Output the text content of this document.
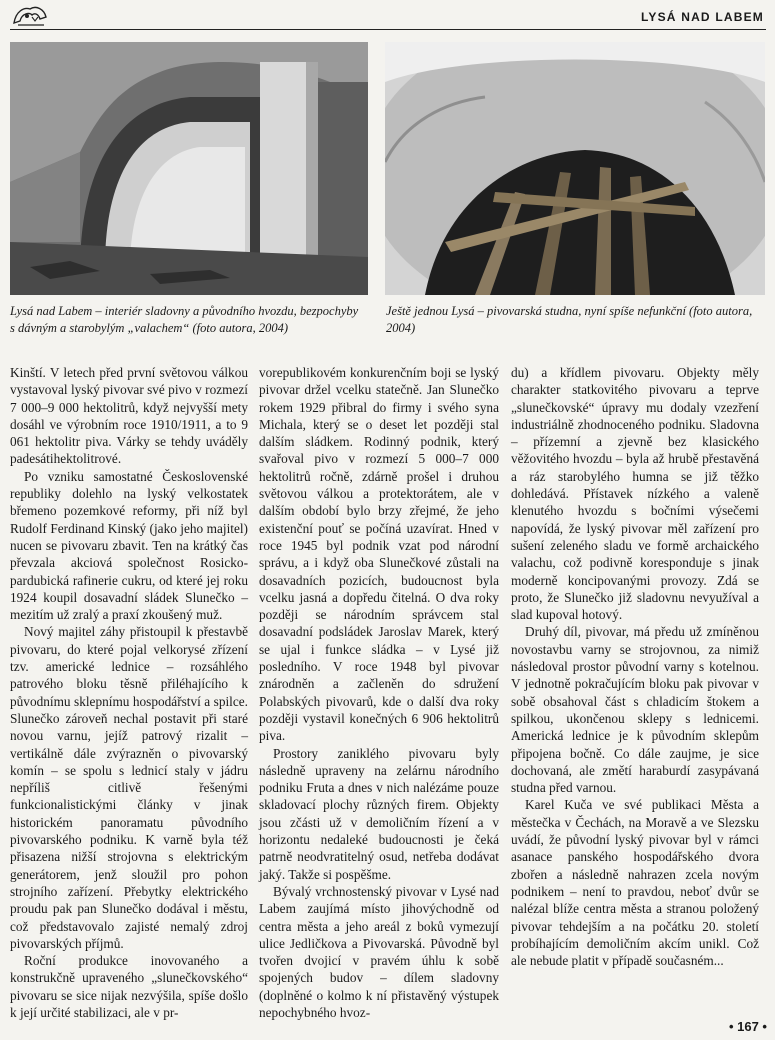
LYSÁ NAD LABEM
Lysá nad Labem – interiér sladovny a původního hvozdu, bezpochyby s dávným a starobylým „valachem“ (foto autora, 2004)
Ještě jednou Lysá – pivovarská studna, nyní spíše nefunkční (foto autora, 2004)

Kinští. V letech před první světovou válkou vystavoval lyský pivovar své pivo v rozmezí 7 000–9 000 hektolitrů, když nejvyšší mety dosáhl ve výrobním roce 1910/1911, a to 9 061 hektolitr piva. Várky se tehdy uváděly padesátihektolitrové.

Po vzniku samostatné Československé republiky dolehlo na lyský velkostatek břemeno pozemkové reformy, při níž byl Rudolf Ferdinand Kinský (jako jeho majitel) nucen se pivovaru zbavit. Ten na krátký čas převzala akciová společnost Rosicko-pardubická rafinerie cukru, od které jej roku 1924 koupil dosavadní sládek Slunečko – mezitím už zralý a praxí zkoušený muž.

Nový majitel záhy přistoupil k přestavbě pivovaru, do které pojal velkorysé zřízení tzv. americké lednice – rozsáhlého patrového bloku těsně přiléhajícího k původnímu sklepnímu hospodářství a spilce. Slunečko zároveň nechal postavit při staré novou varnu, jejíž patrový rizalit – vertikálně dále zvýrazněn o pivovarský komín – se spolu s lednicí staly v jádru nepříliš citlivě řešenými funkcionalistickými články v jinak historickém panoramatu původního pivovarského podniku. K varně byla též přisazena nižší strojovna s elektrickým generátorem, jenž sloužil pro pohon strojního zařízení. Přebytky elektrického proudu pak pan Slunečko dodával i městu, což představovalo zajisté nemalý zdroj pivovarských příjmů.

Roční produkce inovovaného a konstrukčně upraveného „slunečkovského“ pivovaru se sice nijak nezvýšila, spíše došlo k její určité stabilizaci, ale v pr-

vorepublikovém konkurenčním boji se lyský pivovar držel vcelku statečně. Jan Slunečko rokem 1929 přibral do firmy i svého syna Michala, který se o deset let později stal dalším sládkem. Rodinný podnik, který svařoval pivo v rozmezí 5 000–7 000 hektolitrů ročně, zdárně prošel i druhou světovou válkou a protektorátem, ale v dalším období bylo brzy zřejmé, že jeho existenční pouť se počíná uzavírat. Hned v roce 1945 byl podnik vzat pod národní správu, a i když oba Slunečkové zůstali na dosavadních pozicích, budoucnost byla vcelku jasná a dopředu čitelná. O dva roky později se národním správcem stal dosavadní podsládek Jaroslav Marek, který se ujal i funkce sládka – v Lysé již posledního. V roce 1948 byl pivovar znárodněn a začleněn do sdružení Polabských pivovarů, kde o další dva roky později vystavil konečných 6 906 hektolitrů piva.

Prostory zaniklého pivovaru byly následně upraveny na zelárnu národního podniku Fruta a dnes v nich nalézáme pouze skladovací plochy různých firem. Objekty jsou zčásti už v demoličním řízení a v horizontu nedaleké budoucnosti je čeká patrně neodvratitelný osud, netřeba dodávat jaký. Takže si pospěšme.

Bývalý vrchnostenský pivovar v Lysé nad Labem zaujímá místo jihovýchodně od centra města a jeho areál z boků vymezují ulice Jedličkova a Pivovarská. Původně byl tvořen dvojicí v pravém úhlu k sobě spojených budov – dílem sladovny (doplněné o kolmo k ní přistavěný výstupek nepochybného hvoz-

du) a křídlem pivovaru. Objekty měly charakter statkovitého pivovaru a teprve „slunečkovské“ úpravy mu dodaly vzezření industriálně zhodnoceného podniku. Sladovna – přízemní a zjevně bez klasického věžovitého hvozdu – byla až hrubě přestavěná a ráz starobylého humna se již těžko dohledává. Přístavek nízkého a valeně klenutého hvozdu s bočními výsečemi napovídá, že lyský pivovar měl zařízení pro sušení zeleného sladu ve formě archaického valachu, což podivně koresponduje s jinak moderně koncipovanými provozy. Zdá se proto, že Slunečko již sladovnu nevyužíval a slad kupoval hotový.

Druhý díl, pivovar, má předu už zmíněnou novostavbu varny se strojovnou, za nimiž následoval prostor původní varny s kotelnou. V jednotně pokračujícím bloku pak pivovar v sobě obsahoval část s chladicím štokem a spilkou, ukončenou sklepy s lednicemi. Americká lednice je k původním sklepům připojena bočně. Co dále zaujme, je sice dochovaná, ale změtí haraburdí zasypávaná studna před varnou.

Karel Kuča ve své publikaci Města a městečka v Čechách, na Moravě a ve Slezsku uvádí, že původní lyský pivovar byl v rámci asanace panského hospodářského dvora zbořen a následně nahrazen zcela novým podnikem – není to pravdou, neboť dvůr se nalézal blíže centra města a stranou položený pivovar tehdejším a na počátku 20. století probíhajícím demoličním akcím unikl. Což ale nebude platit v případě současném...

• 167 •
